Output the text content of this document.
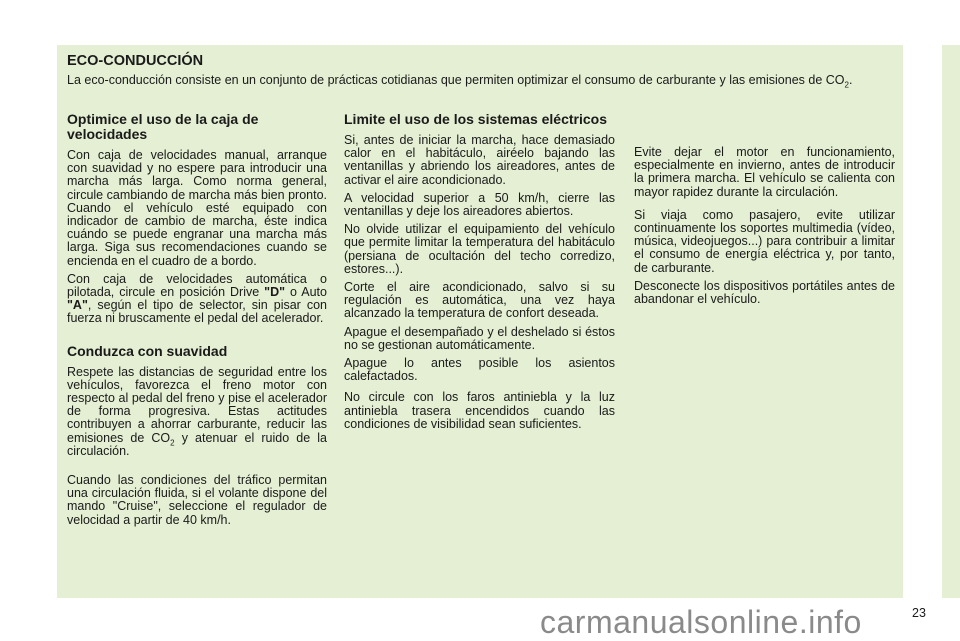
ECO-CONDUCCIÓN

La eco-conducción consiste en un conjunto de prácticas cotidianas que permiten optimizar el consumo de carburante y las emisiones de $CO_2$.

Optimice el uso de la caja de velocidades

Con caja de velocidades manual, arranque con suavidad y no espere para introducir una marcha más larga. Como norma general, circule cambiando de marcha más bien pronto. Cuando el vehículo esté equipado con indicador de cambio de marcha, éste indica cuándo se puede engranar una marcha más larga. Siga sus recomendaciones cuando se encienda en el cuadro de a bordo.

Con caja de velocidades automática o pilotada, circule en posición Drive "D" o Auto "A", según el tipo de selector, sin pisar con fuerza ni bruscamente el pedal del acelerador.

Conduzca con suavidad

Respete las distancias de seguridad entre los vehículos, favorezca el freno motor con respecto al pedal del freno y pise el acelerador de forma progresiva. Estas actitudes contribuyen a ahorrar carburante, reducir las emisiones de $CO_2$ y atenuar el ruido de la circulación.

Cuando las condiciones del tráfico permitan una circulación fluida, si el volante dispone del mando "Cruise", seleccione el regulador de velocidad a partir de 40 km/h.

Limite el uso de los sistemas eléctricos

Si, antes de iniciar la marcha, hace demasiado calor en el habitáculo, airéelo bajando las ventanillas y abriendo los aireadores, antes de activar el aire acondicionado.

A velocidad superior a 50 km/h, cierre las ventanillas y deje los aireadores abiertos.

No olvide utilizar el equipamiento del vehículo que permite limitar la temperatura del habitáculo (persiana de ocultación del techo corredizo, estores...).

Corte el aire acondicionado, salvo si su regulación es automática, una vez haya alcanzado la temperatura de confort deseada.

Apague el desempañado y el deshelado si éstos no se gestionan automáticamente.

Apague lo antes posible los asientos calefactados.

No circule con los faros antiniebla y la luz antiniebla trasera encendidos cuando las condiciones de visibilidad sean suficientes.

Evite dejar el motor en funcionamiento, especialmente en invierno, antes de introducir la primera marcha. El vehículo se calienta con mayor rapidez durante la circulación.

Si viaja como pasajero, evite utilizar continuamente los soportes multimedia (vídeo, música, videojuegos...) para contribuir a limitar el consumo de energía eléctrica y, por tanto, de carburante.

Desconecte los dispositivos portátiles antes de abandonar el vehículo.

carmanualsonline.info	23
